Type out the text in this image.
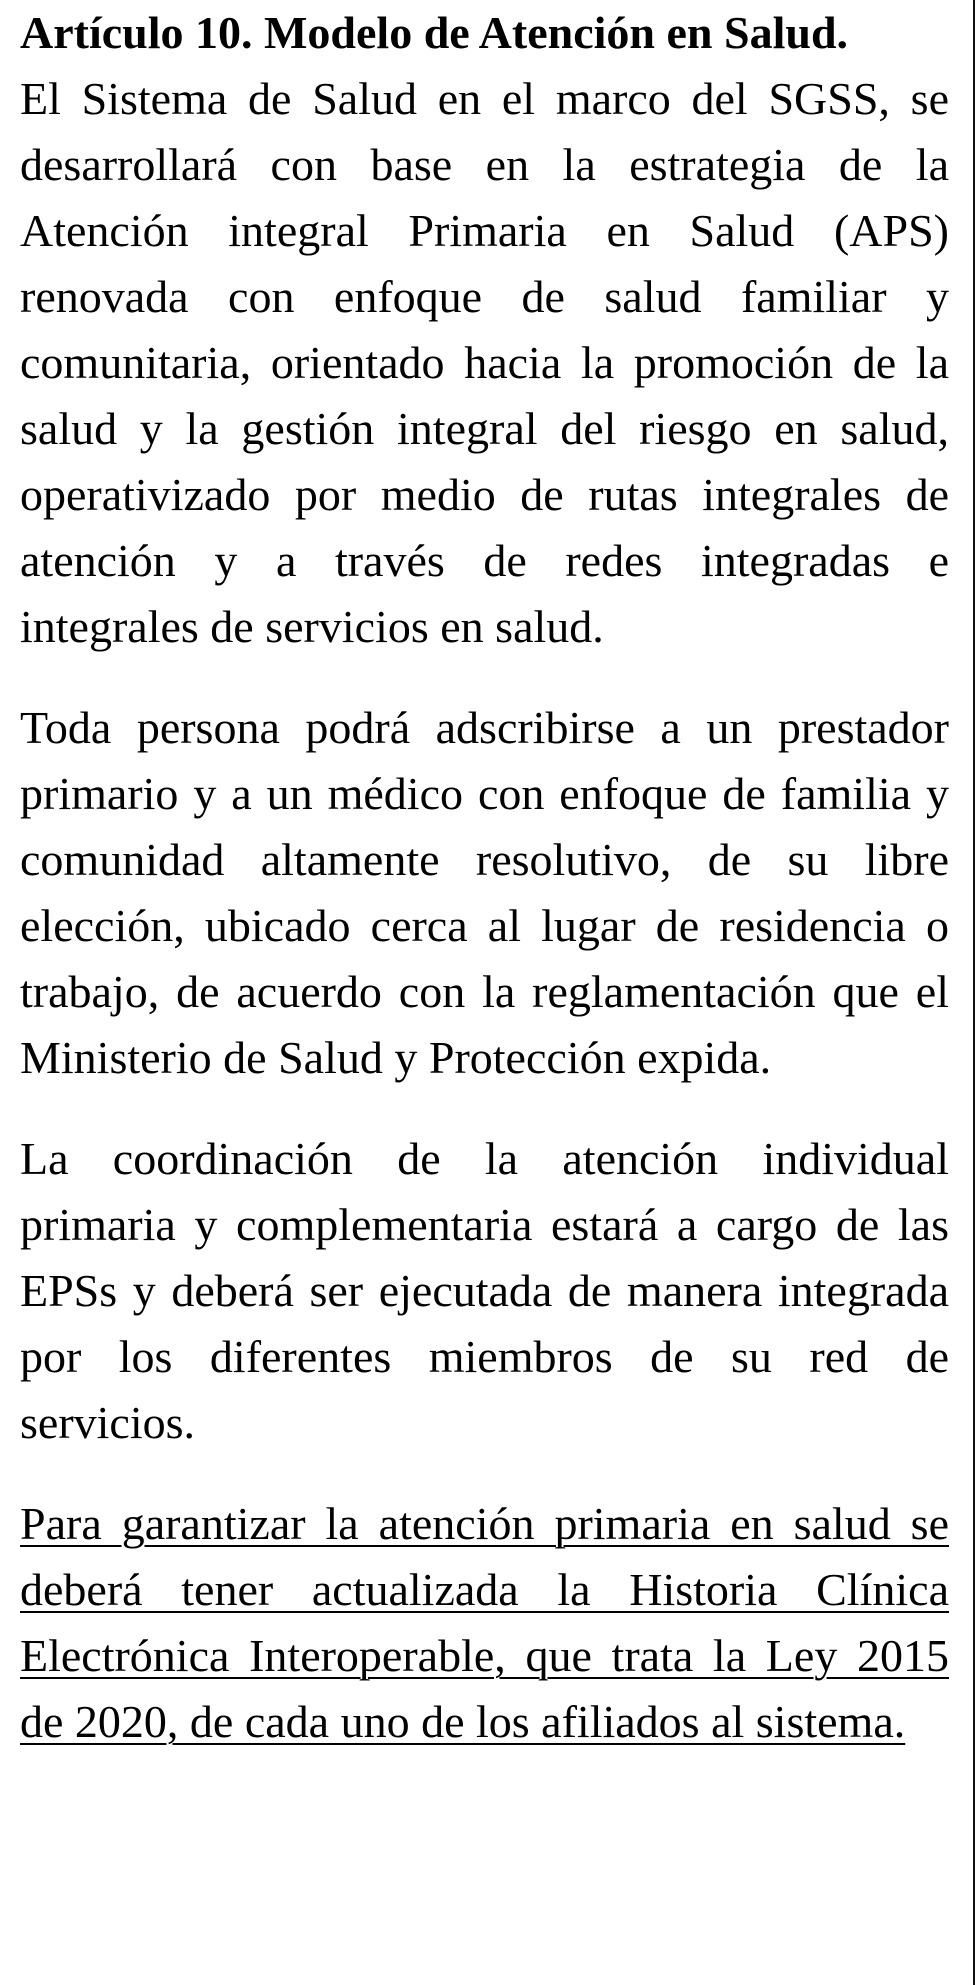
Artículo 10. Modelo de Atención en Salud.
El Sistema de Salud en el marco del SGSS, se desarrollará con base en la estrategia de la Atención integral Primaria en Salud (APS) renovada con enfoque de salud familiar y comunitaria, orientado hacia la promoción de la salud y la gestión integral del riesgo en salud, operativizado por medio de rutas integrales de atención y a través de redes integradas e integrales de servicios en salud.

Toda persona podrá adscribirse a un prestador primario y a un médico con enfoque de familia y comunidad altamente resolutivo, de su libre elección, ubicado cerca al lugar de residencia o trabajo, de acuerdo con la reglamentación que el Ministerio de Salud y Protección expida.

La coordinación de la atención individual primaria y complementaria estará a cargo de las EPSs y deberá ser ejecutada de manera integrada por los diferentes miembros de su red de servicios.

Para garantizar la atención primaria en salud se deberá tener actualizada la Historia Clínica Electrónica Interoperable, que trata la Ley 2015 de 2020, de cada uno de los afiliados al sistema.
